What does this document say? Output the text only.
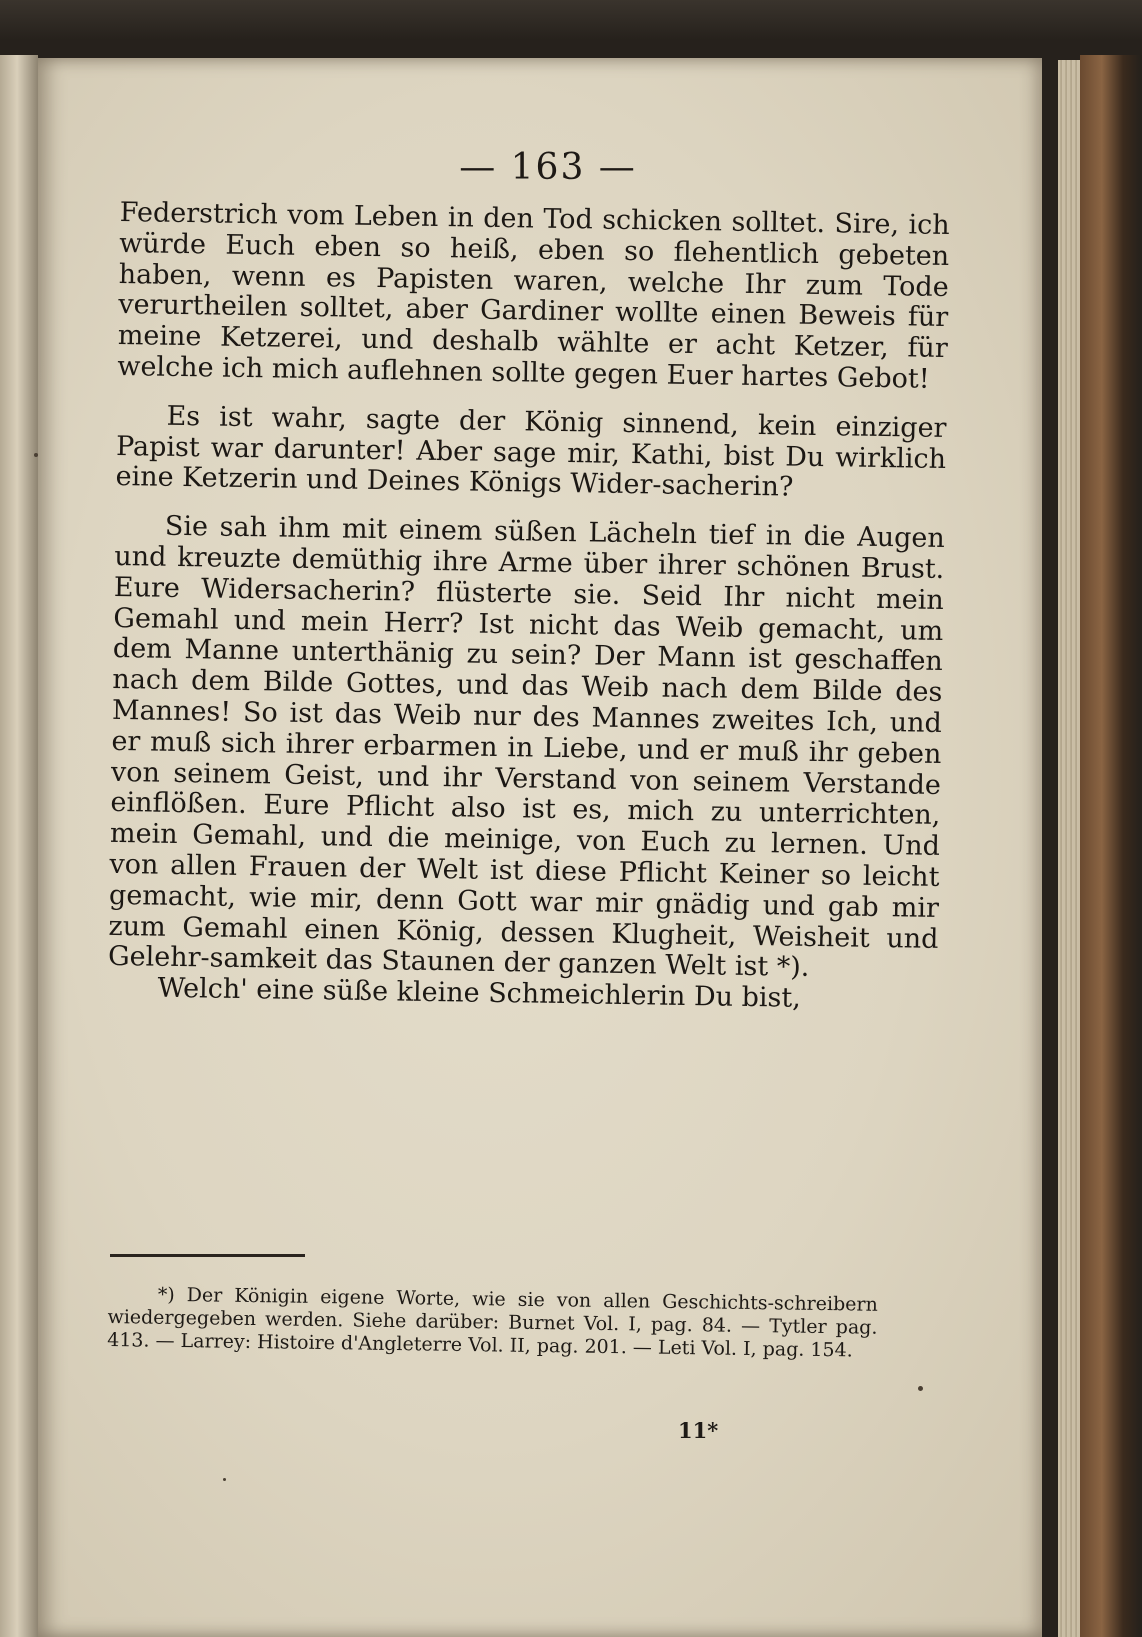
— 163 —

Federstrich vom Leben in den Tod schicken solltet. Sire, ich würde Euch eben so heiß, eben so flehentlich gebeten haben, wenn es Papisten waren, welche Ihr zum Tode verurtheilen solltet, aber Gardiner wollte einen Beweis für meine Ketzerei, und deshalb wählte er acht Ketzer, für welche ich mich auflehnen sollte gegen Euer hartes Gebot!

Es ist wahr, sagte der König sinnend, kein einziger Papist war darunter! Aber sage mir, Kathi, bist Du wirklich eine Ketzerin und Deines Königs Wider-sacherin?

Sie sah ihm mit einem süßen Lächeln tief in die Augen und kreuzte demüthig ihre Arme über ihrer schönen Brust. Eure Widersacherin? flüsterte sie. Seid Ihr nicht mein Gemahl und mein Herr? Ist nicht das Weib gemacht, um dem Manne unterthänig zu sein? Der Mann ist geschaffen nach dem Bilde Gottes, und das Weib nach dem Bilde des Mannes! So ist das Weib nur des Mannes zweites Ich, und er muß sich ihrer erbarmen in Liebe, und er muß ihr geben von seinem Geist, und ihr Verstand von seinem Verstande einflößen. Eure Pflicht also ist es, mich zu unterrichten, mein Gemahl, und die meinige, von Euch zu lernen. Und von allen Frauen der Welt ist diese Pflicht Keiner so leicht gemacht, wie mir, denn Gott war mir gnädig und gab mir zum Gemahl einen König, dessen Klugheit, Weisheit und Gelehr-samkeit das Staunen der ganzen Welt ist *).

Welch' eine süße kleine Schmeichlerin Du bist,

*) Der Königin eigene Worte, wie sie von allen Geschichts-schreibern wiedergegeben werden. Siehe darüber: Burnet Vol. I, pag. 84. — Tytler pag. 413. — Larrey: Histoire d'Angleterre Vol. II, pag. 201. — Leti Vol. I, pag. 154.

11*
